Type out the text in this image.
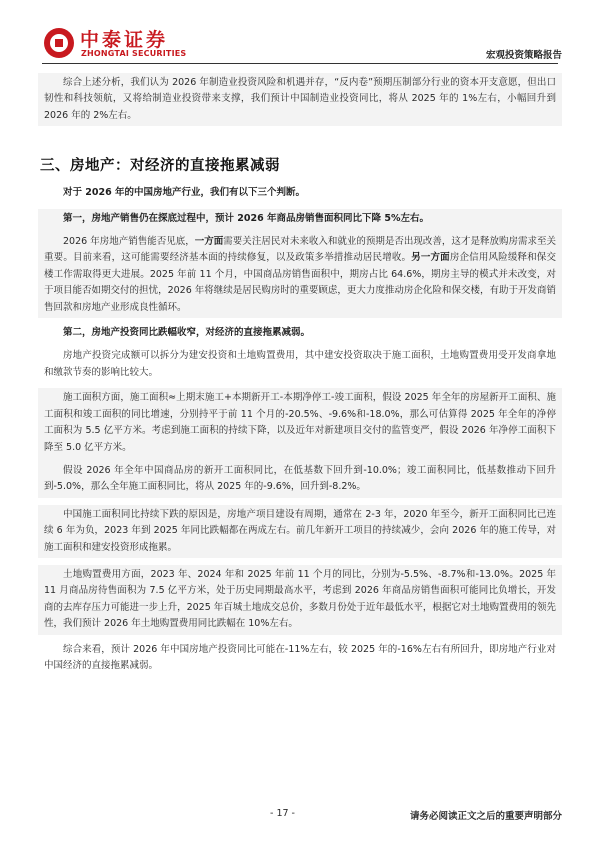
中泰证券
ZHONGTAI SECURITIES	宏观投资策略报告

综合上述分析，我们认为 2026 年制造业投资风险和机遇并存，“反内卷”预期压制部分行业的资本开支意愿，但出口韧性和科技领航，又将给制造业投资带来支撑，我们预计中国制造业投资同比，将从 2025 年的 1%左右，小幅回升到 2026 年的 2%左右。

三、房地产：对经济的直接拖累减弱

对于 2026 年的中国房地产行业，我们有以下三个判断。

第一，房地产销售仍在探底过程中，预计 2026 年商品房销售面积同比下降 5%左右。

2026 年房地产销售能否见底，一方面需要关注居民对未来收入和就业的预期是否出现改善，这才是释放购房需求至关重要。目前来看，这可能需要经济基本面的持续修复，以及政策多举措推动居民增收。另一方面房企信用风险缓释和保交楼工作需取得更大进展。2025 年前 11 个月，中国商品房销售面积中，期房占比 64.6%，期房主导的模式并未改变，对于项目能否如期交付的担忧，2026 年将继续是居民购房时的重要顾虑，更大力度推动房企化险和保交楼，有助于开发商销售回款和房地产业形成良性循环。

第二，房地产投资同比跌幅收窄，对经济的直接拖累减弱。

房地产投资完成额可以拆分为建安投资和土地购置费用，其中建安投资取决于施工面积，土地购置费用受开发商拿地和缴款节奏的影响比较大。

施工面积方面，施工面积≈上期末施工+本期新开工-本期净停工-竣工面积，假设 2025 年全年的房屋新开工面积、施工面积和竣工面积的同比增速，分别持平于前 11 个月的-20.5%、-9.6%和-18.0%，那么可估算得 2025 年全年的净停工面积为 5.5 亿平方米。考虑到施工面积的持续下降，以及近年对新建项目交付的监管变严，假设 2026 年净停工面积下降至 5.0 亿平方米。

假设 2026 年全年中国商品房的新开工面积同比，在低基数下回升到-10.0%；竣工面积同比，低基数推动下回升到-5.0%，那么全年施工面积同比，将从 2025 年的-9.6%，回升到-8.2%。

中国施工面积同比持续下跌的原因是，房地产项目建设有周期，通常在 2-3 年，2020 年至今，新开工面积同比已连续 6 年为负，2023 年到 2025 年同比跌幅都在两成左右。前几年新开工项目的持续减少，会向 2026 年的施工传导，对施工面积和建安投资形成拖累。

土地购置费用方面，2023 年、2024 年和 2025 年前 11 个月的同比，分别为-5.5%、-8.7%和-13.0%。2025 年 11 月商品房待售面积为 7.5 亿平方米，处于历史同期最高水平，考虑到 2026 年商品房销售面积可能同比负增长，开发商的去库存压力可能进一步上升，2025 年百城土地成交总价，多数月份处于近年最低水平，根据它对土地购置费用的领先性，我们预计 2026 年土地购置费用同比跌幅在 10%左右。

综合来看，预计 2026 年中国房地产投资同比可能在-11%左右，较 2025 年的-16%左右有所回升，即房地产行业对中国经济的直接拖累减弱。

- 17 -	请务必阅读正文之后的重要声明部分
